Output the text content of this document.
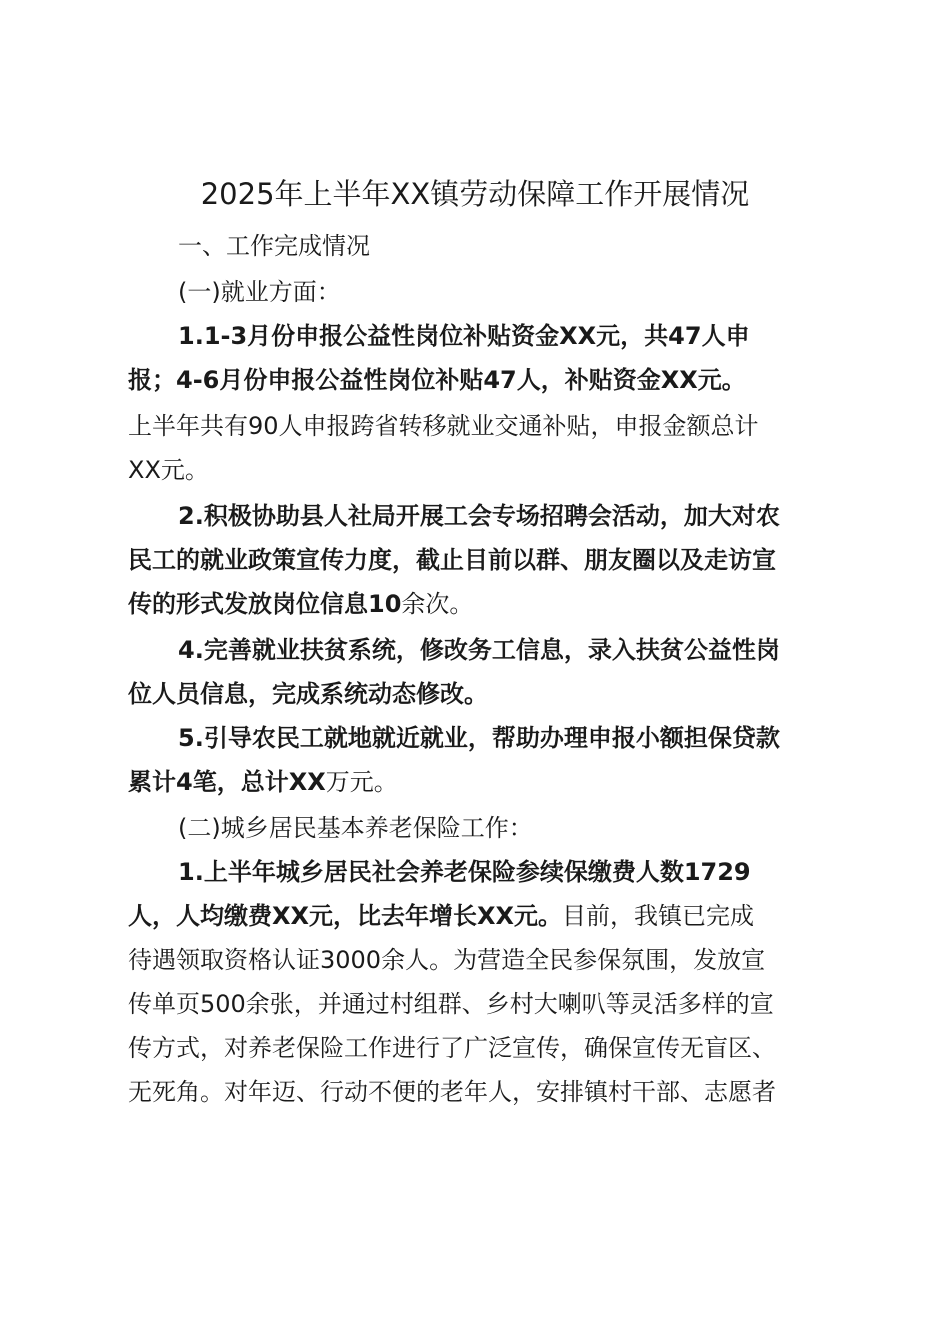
2025年上半年XX镇劳动保障工作开展情况
一、工作完成情况
(一)就业方面：
1.1-3月份申报公益性岗位补贴资金XX元，共47人申
报；4-6月份申报公益性岗位补贴47人，补贴资金XX元。
上半年共有90人申报跨省转移就业交通补贴，申报金额总计
XX元。
2.积极协助县人社局开展工会专场招聘会活动，加大对农
民工的就业政策宣传力度，截止目前以群、朋友圈以及走访宣
传的形式发放岗位信息10余次。
4.完善就业扶贫系统，修改务工信息，录入扶贫公益性岗
位人员信息，完成系统动态修改。
5.引导农民工就地就近就业，帮助办理申报小额担保贷款
累计4笔，总计XX万元。
(二)城乡居民基本养老保险工作：
1.上半年城乡居民社会养老保险参续保缴费人数1729
人，人均缴费XX元，比去年增长XX元。目前，我镇已完成
待遇领取资格认证3000余人。为营造全民参保氛围，发放宣
传单页500余张，并通过村组群、乡村大喇叭等灵活多样的宣
传方式，对养老保险工作进行了广泛宣传，确保宣传无盲区、
无死角。对年迈、行动不便的老年人，安排镇村干部、志愿者
